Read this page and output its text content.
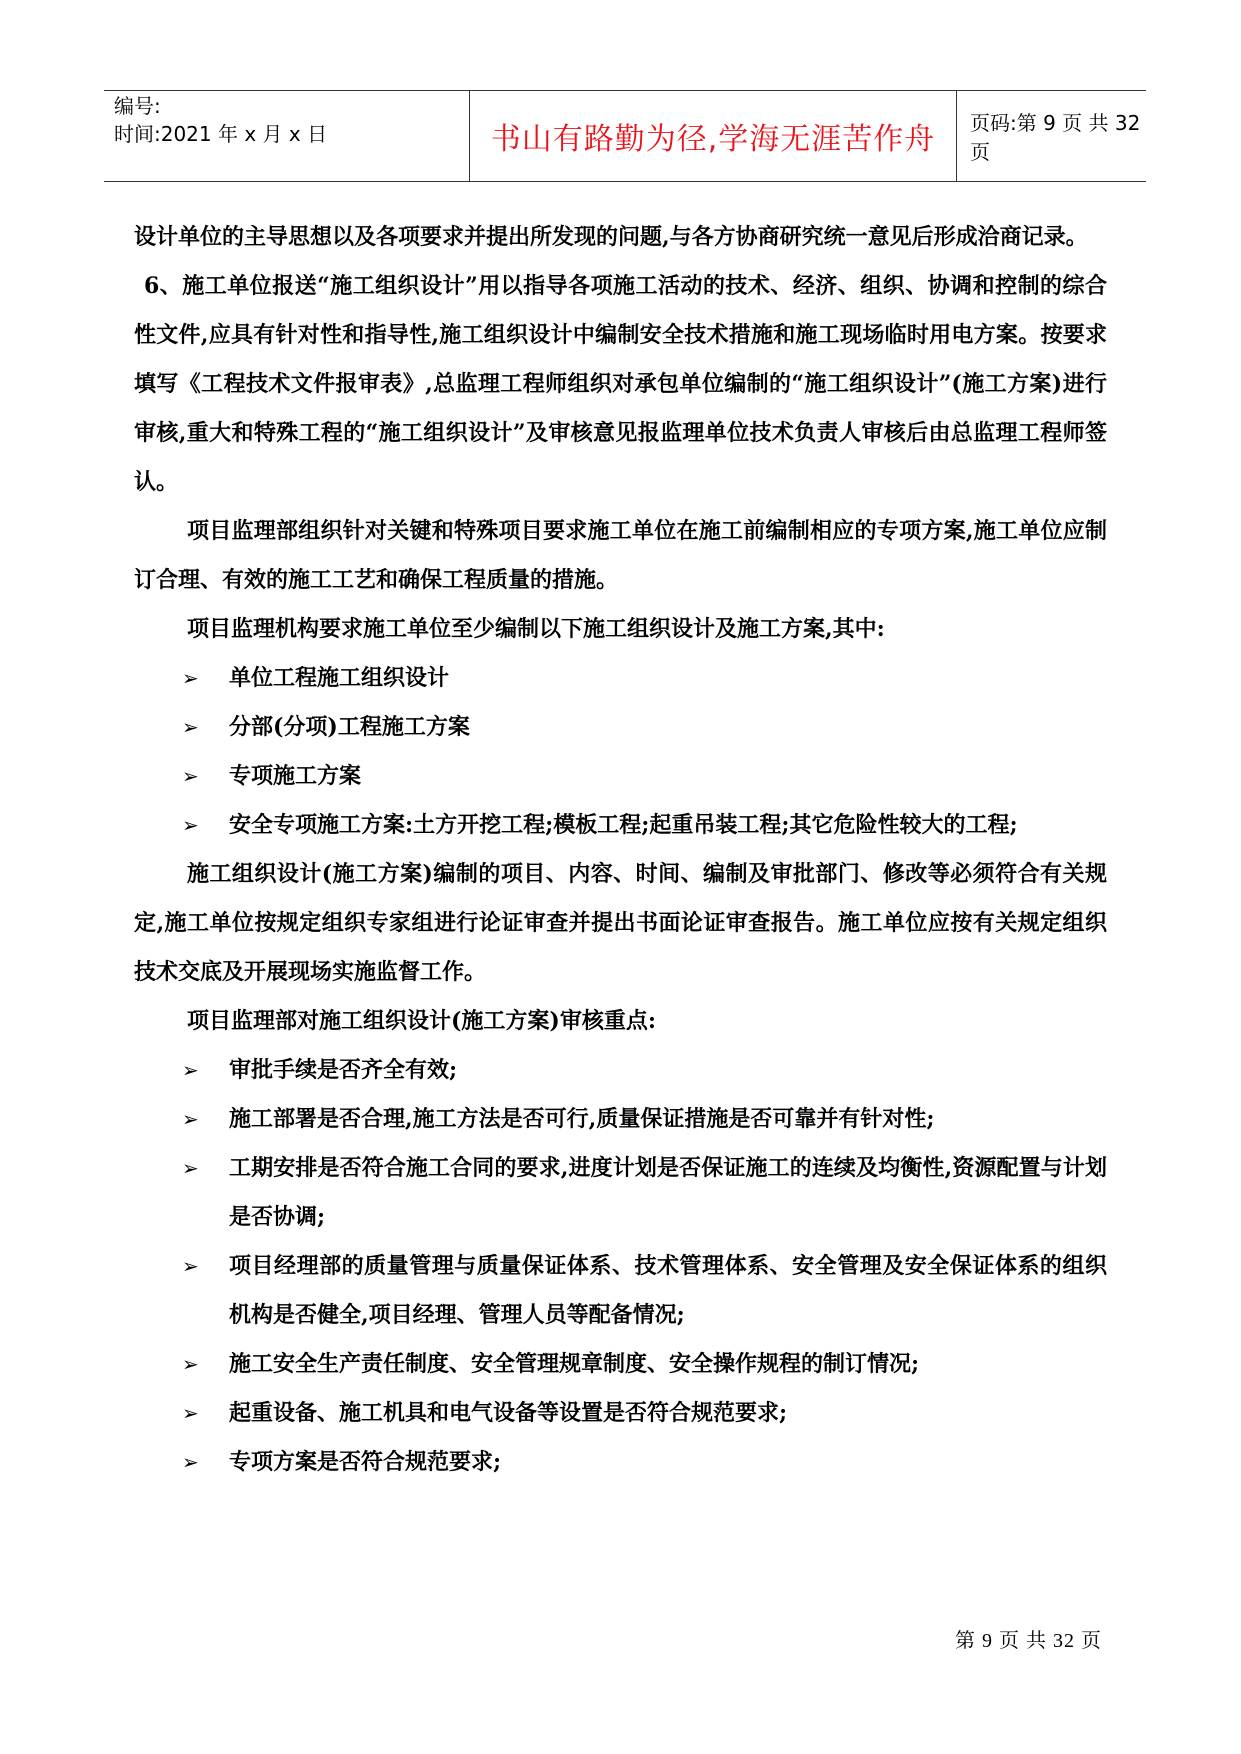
编号:
时间:2021 年 x 月 x 日	书山有路勤为径,学海无涯苦作舟	页码:第 9 页 共 32 页

设计单位的主导思想以及各项要求并提出所发现的问题,与各方协商研究统一意见后形成洽商记录。

6、施工单位报送“施工组织设计”用以指导各项施工活动的技术、经济、组织、协调和控制的综合性文件,应具有针对性和指导性,施工组织设计中编制安全技术措施和施工现场临时用电方案。按要求填写《工程技术文件报审表》,总监理工程师组织对承包单位编制的“施工组织设计”(施工方案)进行审核,重大和特殊工程的“施工组织设计”及审核意见报监理单位技术负责人审核后由总监理工程师签认。

项目监理部组织针对关键和特殊项目要求施工单位在施工前编制相应的专项方案,施工单位应制订合理、有效的施工工艺和确保工程质量的措施。

项目监理机构要求施工单位至少编制以下施工组织设计及施工方案,其中:

➢ 单位工程施工组织设计
➢ 分部(分项)工程施工方案
➢ 专项施工方案
➢ 安全专项施工方案:土方开挖工程;模板工程;起重吊装工程;其它危险性较大的工程;

施工组织设计(施工方案)编制的项目、内容、时间、编制及审批部门、修改等必须符合有关规定,施工单位按规定组织专家组进行论证审查并提出书面论证审查报告。施工单位应按有关规定组织技术交底及开展现场实施监督工作。

项目监理部对施工组织设计(施工方案)审核重点:

➢ 审批手续是否齐全有效;
➢ 施工部署是否合理,施工方法是否可行,质量保证措施是否可靠并有针对性;
➢ 工期安排是否符合施工合同的要求,进度计划是否保证施工的连续及均衡性,资源配置与计划是否协调;
➢ 项目经理部的质量管理与质量保证体系、技术管理体系、安全管理及安全保证体系的组织机构是否健全,项目经理、管理人员等配备情况;
➢ 施工安全生产责任制度、安全管理规章制度、安全操作规程的制订情况;
➢ 起重设备、施工机具和电气设备等设置是否符合规范要求;
➢ 专项方案是否符合规范要求;
第 9 页 共 32 页
